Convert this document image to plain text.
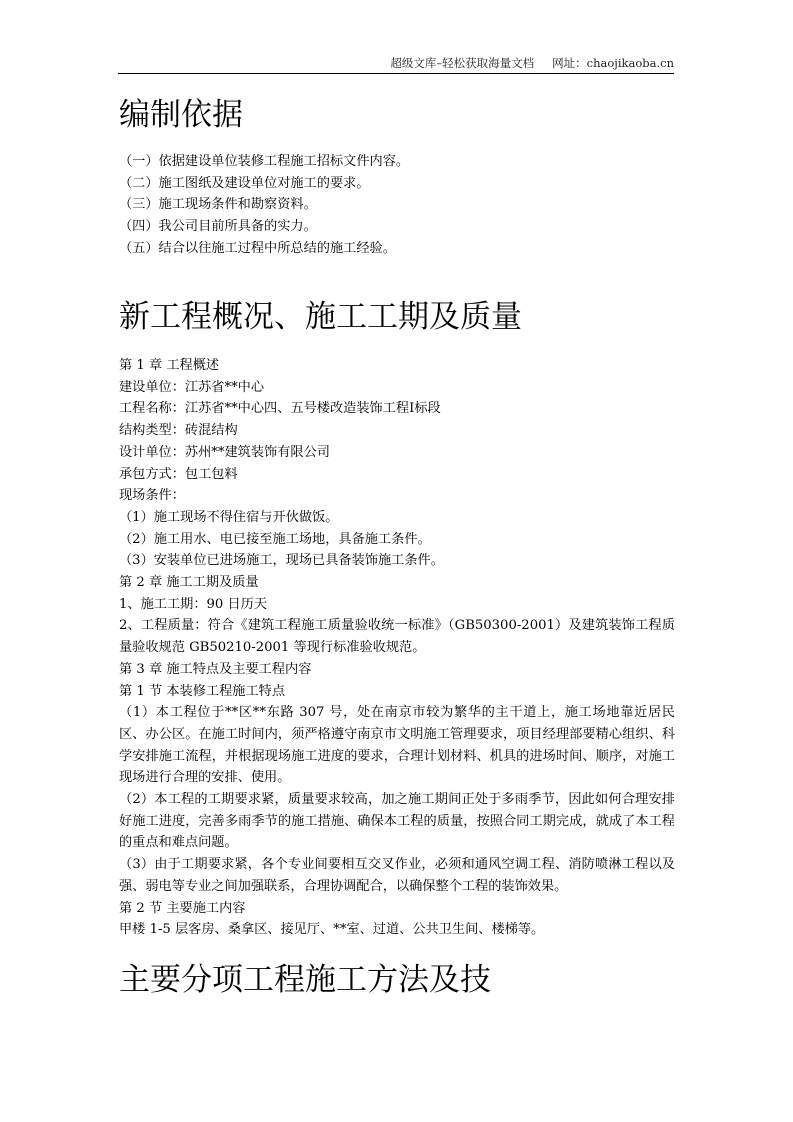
超级文库–轻松获取海量文档 网址：chaojikaoba.cn
编制依据

（一）依据建设单位装修工程施工招标文件内容。

（二）施工图纸及建设单位对施工的要求。

（三）施工现场条件和勘察资料。

（四）我公司目前所具备的实力。

（五）结合以往施工过程中所总结的施工经验。

新工程概况、施工工期及质量

第 1 章 工程概述

建设单位：江苏省**中心

工程名称：江苏省**中心四、五号楼改造装饰工程Ⅰ标段

结构类型：砖混结构

设计单位：苏州**建筑装饰有限公司

承包方式：包工包料

现场条件：

（1）施工现场不得住宿与开伙做饭。

（2）施工用水、电已接至施工场地，具备施工条件。

（3）安装单位已进场施工，现场已具备装饰施工条件。

第 2 章 施工工期及质量

1、施工工期：90 日历天

2、工程质量：符合《建筑工程施工质量验收统一标准》（GB50300-2001）及建筑装饰工程质量验收规范 GB50210-2001 等现行标准验收规范。

第 3 章 施工特点及主要工程内容

第 1 节 本装修工程施工特点

（1）本工程位于**区**东路 307 号，处在南京市较为繁华的主干道上，施工场地靠近居民区、办公区。在施工时间内，须严格遵守南京市文明施工管理要求，项目经理部要精心组织、科学安排施工流程，并根据现场施工进度的要求，合理计划材料、机具的进场时间、顺序，对施工现场进行合理的安排、使用。

（2）本工程的工期要求紧，质量要求较高，加之施工期间正处于多雨季节，因此如何合理安排好施工进度，完善多雨季节的施工措施、确保本工程的质量，按照合同工期完成，就成了本工程的重点和难点问题。

（3）由于工期要求紧，各个专业间要相互交叉作业，必须和通风空调工程、消防喷淋工程以及强、弱电等专业之间加强联系，合理协调配合，以确保整个工程的装饰效果。

第 2 节 主要施工内容

甲楼 1-5 层客房、桑拿区、接见厅、**室、过道、公共卫生间、楼梯等。

主要分项工程施工方法及技
